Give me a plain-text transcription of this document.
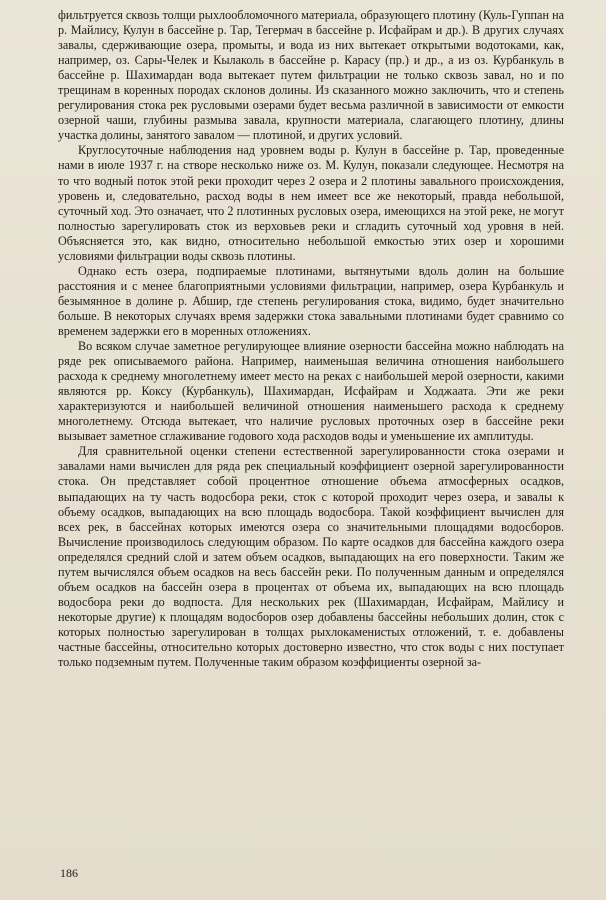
фильтруется сквозь толщи рыхлообломочного материала, образующего плотину (Куль-Гуппан на р. Майлису, Кулун в бассейне р. Тар, Тегермач в бассейне р. Исфайрам и др.). В других случаях завалы, сдерживающие озера, промыты, и вода из них вытекает открытыми водотоками, как, например, оз. Сары-Челек и Кылаколь в бассейне р. Карасу (пр.) и др., а из оз. Курбанкуль в бассейне р. Шахимардан вода вытекает путем фильтрации не только сквозь завал, но и по трещинам в коренных породах склонов долины. Из сказанного можно заключить, что и степень регулирования стока рек русловыми озерами будет весьма различной в зависимости от емкости озерной чаши, глубины размыва завала, крупности материала, слагающего плотину, длины участка долины, занятого завалом — плотиной, и других условий.

Круглосуточные наблюдения над уровнем воды р. Кулун в бассейне р. Тар, проведенные нами в июле 1937 г. на створе несколько ниже оз. М. Кулун, показали следующее. Несмотря на то что водный поток этой реки проходит через 2 озера и 2 плотины завального происхождения, уровень и, следовательно, расход воды в нем имеет все же некоторый, правда небольшой, суточный ход. Это означает, что 2 плотинных русловых озера, имеющихся на этой реке, не могут полностью зарегулировать сток из верховьев реки и сгладить суточный ход уровня в ней. Объясняется это, как видно, относительно небольшой емкостью этих озер и хорошими условиями фильтрации воды сквозь плотины.

Однако есть озера, подпираемые плотинами, вытянутыми вдоль долин на большие расстояния и с менее благоприятными условиями фильтрации, например, озера Курбанкуль и безымянное в долине р. Абшир, где степень регулирования стока, видимо, будет значительно больше. В некоторых случаях время задержки стока завальными плотинами будет сравнимо со временем задержки его в моренных отложениях.

Во всяком случае заметное регулирующее влияние озерности бассейна можно наблюдать на ряде рек описываемого района. Например, наименьшая величина отношения наибольшего расхода к среднему многолетнему имеет место на реках с наибольшей мерой озерности, какими являются рр. Коксу (Курбанкуль), Шахимардан, Исфайрам и Ходжаата. Эти же реки характеризуются и наибольшей величиной отношения наименьшего расхода к среднему многолетнему. Отсюда вытекает, что наличие русловых проточных озер в бассейне реки вызывает заметное сглаживание годового хода расходов воды и уменьшение их амплитуды.

Для сравнительной оценки степени естественной зарегулированности стока озерами и завалами нами вычислен для ряда рек специальный коэффициент озерной зарегулированности стока. Он представляет собой процентное отношение объема атмосферных осадков, выпадающих на ту часть водосбора реки, сток с которой проходит через озера, и завалы к объему осадков, выпадающих на всю площадь водосбора. Такой коэффициент вычислен для всех рек, в бассейнах которых имеются озера со значительными площадями водосборов. Вычисление производилось следующим образом. По карте осадков для бассейна каждого озера определялся средний слой и затем объем осадков, выпадающих на его поверхности. Таким же путем вычислялся объем осадков на весь бассейн реки. По полученным данным и определялся объем осадков на бассейн озера в процентах от объема их, выпадающих на всю площадь водосбора реки до водпоста. Для нескольких рек (Шахимардан, Исфайрам, Майлису и некоторые другие) к площадям водосборов озер добавлены бассейны небольших долин, сток с которых полностью зарегулирован в толщах рыхлокаменистых отложений, т. е. добавлены частные бассейны, относительно которых достоверно известно, что сток воды с них поступает только подземным путем. Полученные таким образом коэффициенты озерной за-

186
